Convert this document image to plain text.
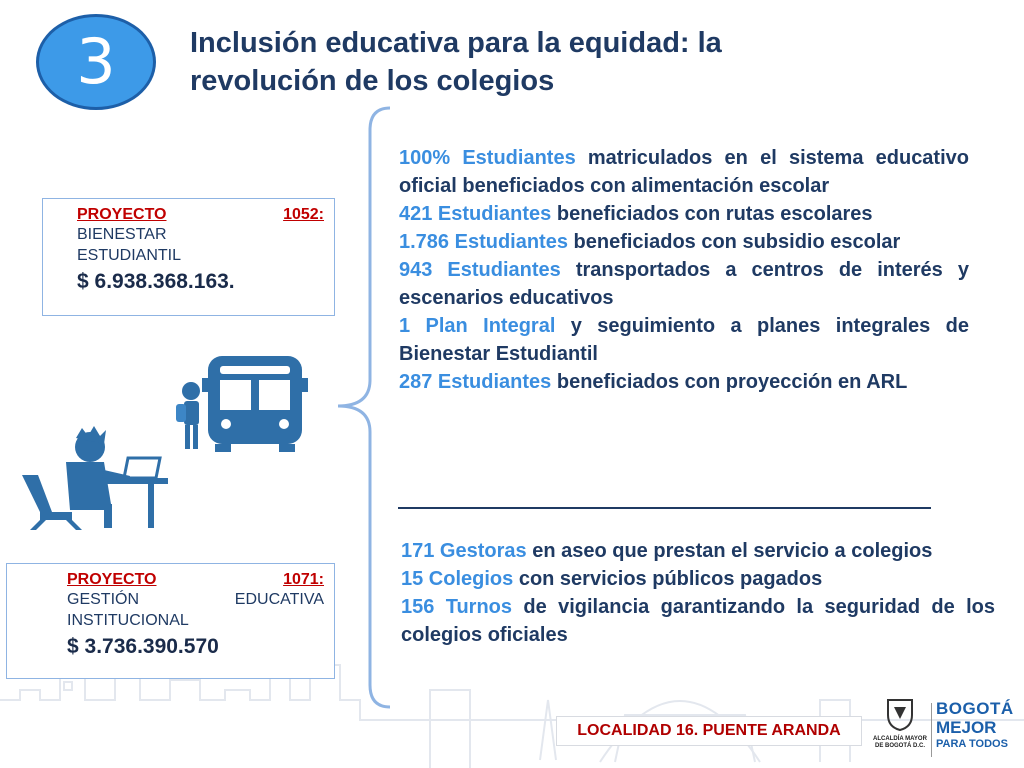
3	Inclusión educativa para la equidad: la
revolución de los colegios
PROYECTO	1052:
BIENESTAR
ESTUDIANTIL
$ 6.938.368.163.
PROYECTO	1071:
GESTIÓN	EDUCATIVA
INSTITUCIONAL
$ 3.736.390.570

100% Estudiantes matriculados en el sistema educativo oficial beneficiados con alimentación escolar

421 Estudiantes beneficiados con rutas escolares

1.786 Estudiantes beneficiados con subsidio escolar

943 Estudiantes transportados a centros de interés y escenarios educativos

1 Plan Integral y seguimiento a planes integrales de Bienestar Estudiantil

287 Estudiantes beneficiados con proyección en ARL

171 Gestoras en aseo que prestan el servicio a colegios

15 Colegios con servicios públicos pagados

156 Turnos de vigilancia garantizando la seguridad de los colegios oficiales

LOCALIDAD 16. PUENTE ARANDA	ALCALDÍA MAYOR
DE BOGOTÁ D.C.
BOGOTÁ
MEJOR
PARA TODOS
